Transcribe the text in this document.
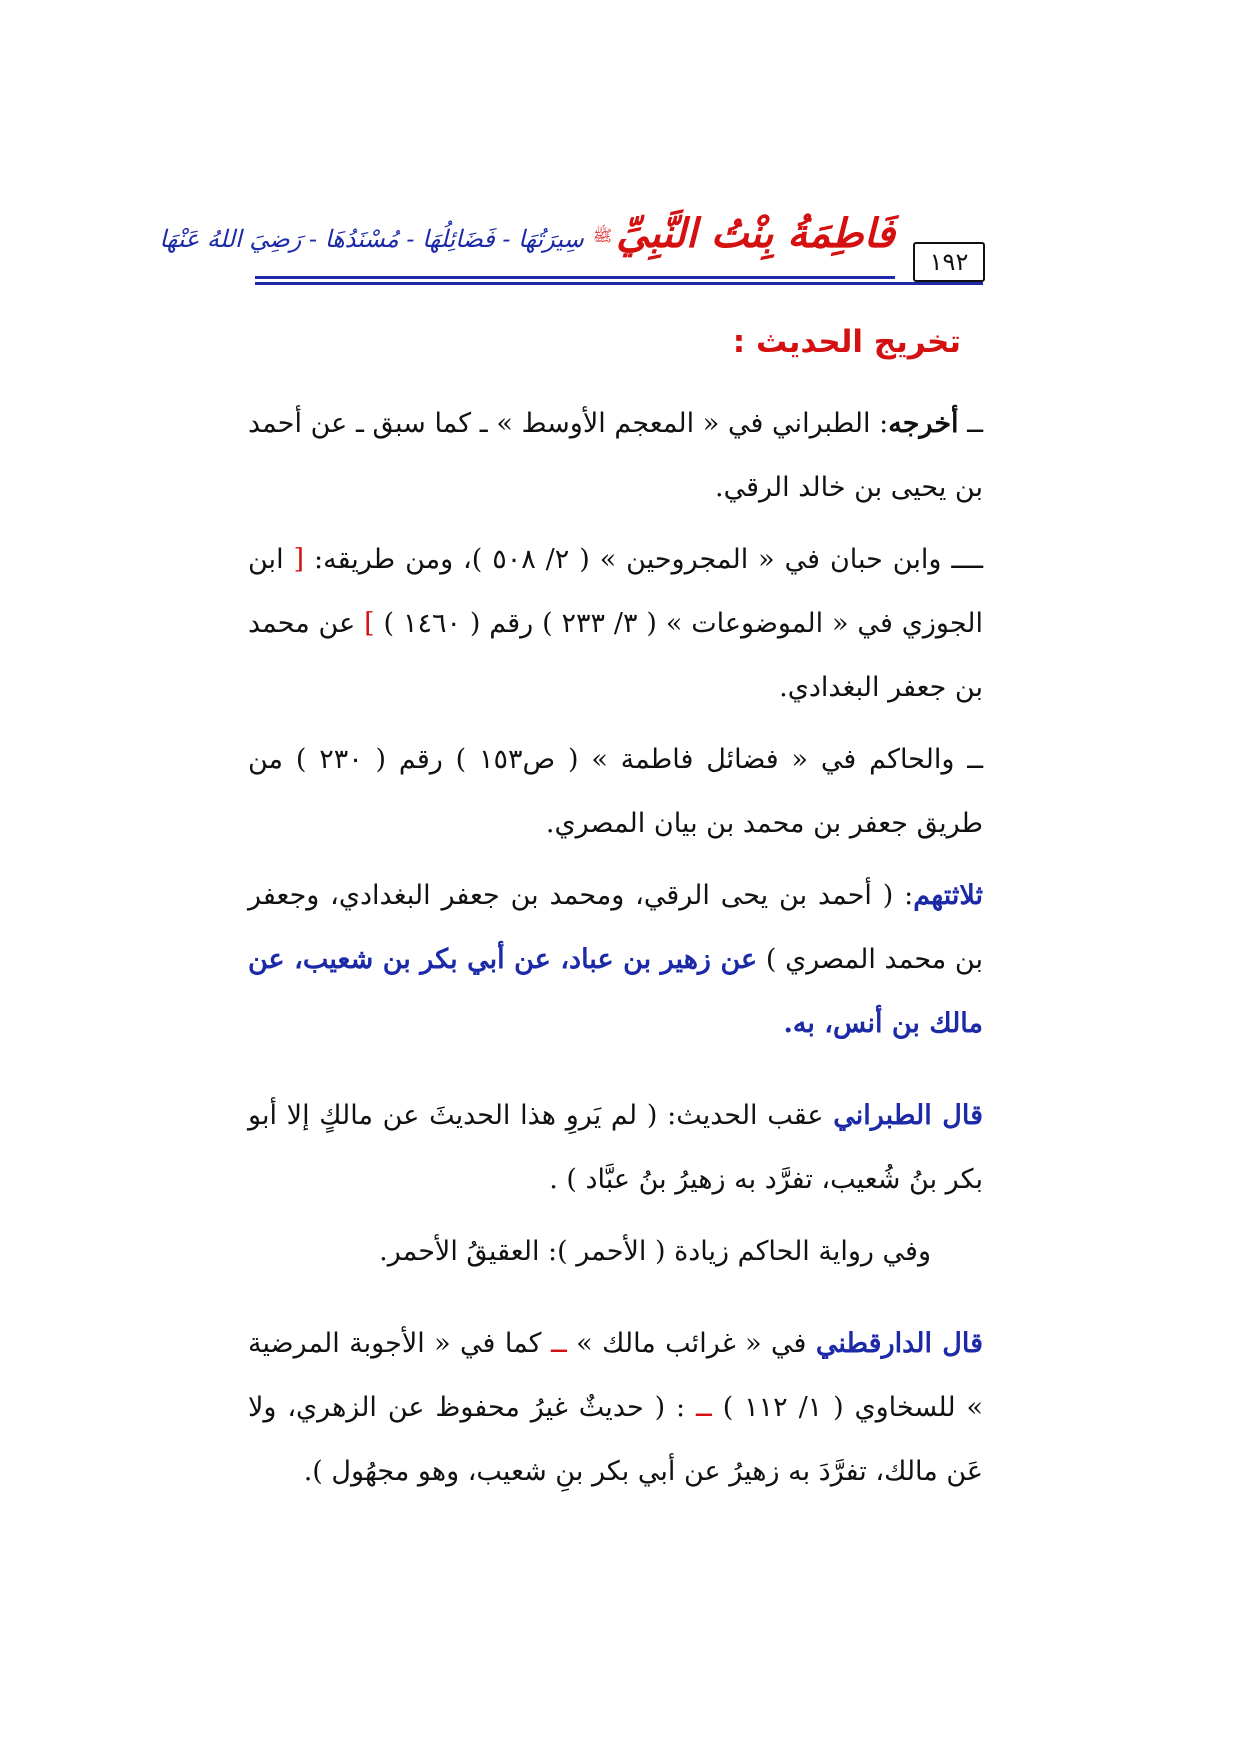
١٩٢
فَاطِمَةُ بِنْتُ النَّبِيِّﷺ سِيرَتُهَا - فَضَائِلُهَا - مُسْنَدُهَا - رَضِيَ اللهُ عَنْهَا
تخريج الحديث :

ــ أخرجه: الطبراني في « المعجم الأوسط » ـ كما سبق ـ عن أحمد بن يحيى بن خالد الرقي.

ــــ وابن حبان في « المجروحين » ( ٢/ ٥٠٨ )، ومن طريقه: [ ابن الجوزي في « الموضوعات » ( ٣/ ٢٣٣ ) رقم ( ١٤٦٠ ) ] عن محمد بن جعفر البغدادي.

ــ والحاكم في « فضائل فاطمة » ( ص١٥٣ ) رقم ( ٢٣٠ ) من طريق جعفر بن محمد بن بيان المصري.

ثلاثتهم: ( أحمد بن يحى الرقي، ومحمد بن جعفر البغدادي، وجعفر بن محمد المصري ) عن زهير بن عباد، عن أبي بكر بن شعيب، عن مالك بن أنس، به.

قال الطبراني عقب الحديث: ( لم يَروِ هذا الحديثَ عن مالكٍ إلا أبو بكر بنُ شُعيب، تفرَّد به زهيرُ بنُ عبَّاد ) .

وفي رواية الحاكم زيادة ( الأحمر ): العقيقُ الأحمر.

قال الدارقطني في « غرائب مالك » ــ كما في « الأجوبة المرضية » للسخاوي ( ١/ ١١٢ ) ــ : ( حديثٌ غيرُ محفوظ عن الزهري، ولا عَن مالك، تفرَّدَ به زهيرُ عن أبي بكر بنِ شعيب، وهو مجهُول ).
